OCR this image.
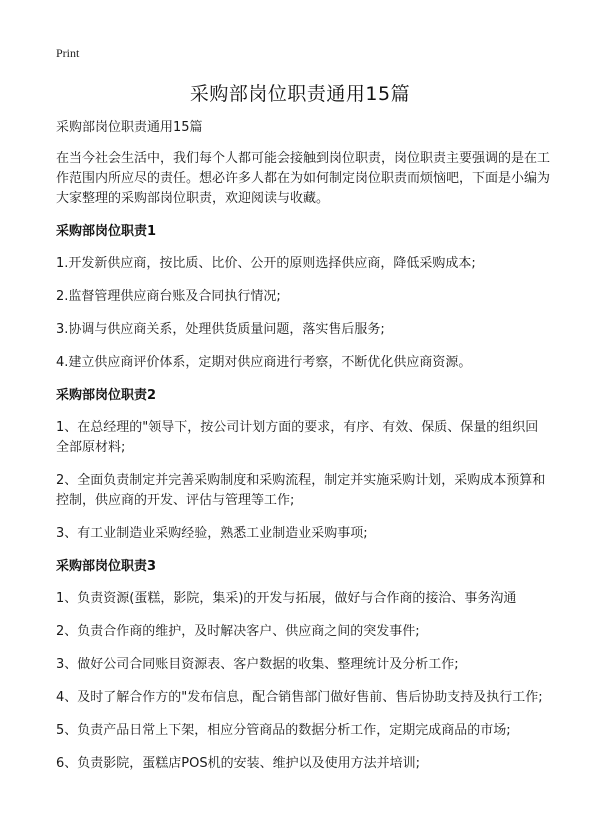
Print
采购部岗位职责通用15篇

采购部岗位职责通用15篇

在当今社会生活中，我们每个人都可能会接触到岗位职责，岗位职责主要强调的是在工作范围内所应尽的责任。想必许多人都在为如何制定岗位职责而烦恼吧，下面是小编为大家整理的采购部岗位职责，欢迎阅读与收藏。

采购部岗位职责1

1.开发新供应商，按比质、比价、公开的原则选择供应商，降低采购成本;

2.监督管理供应商台账及合同执行情况;

3.协调与供应商关系，处理供货质量问题，落实售后服务;

4.建立供应商评价体系，定期对供应商进行考察，不断优化供应商资源。

采购部岗位职责2

1、在总经理的"领导下，按公司计划方面的要求，有序、有效、保质、保量的组织回全部原材料;

2、全面负责制定并完善采购制度和采购流程，制定并实施采购计划，采购成本预算和控制，供应商的开发、评估与管理等工作;

3、有工业制造业采购经验，熟悉工业制造业采购事项;

采购部岗位职责3

1、负责资源(蛋糕，影院，集采)的开发与拓展，做好与合作商的接洽、事务沟通

2、负责合作商的维护，及时解决客户、供应商之间的突发事件;

3、做好公司合同账目资源表、客户数据的收集、整理统计及分析工作;

4、及时了解合作方的"发布信息，配合销售部门做好售前、售后协助支持及执行工作;

5、负责产品日常上下架，相应分管商品的数据分析工作，定期完成商品的市场;

6、负责影院，蛋糕店POS机的安装、维护以及使用方法并培训;
